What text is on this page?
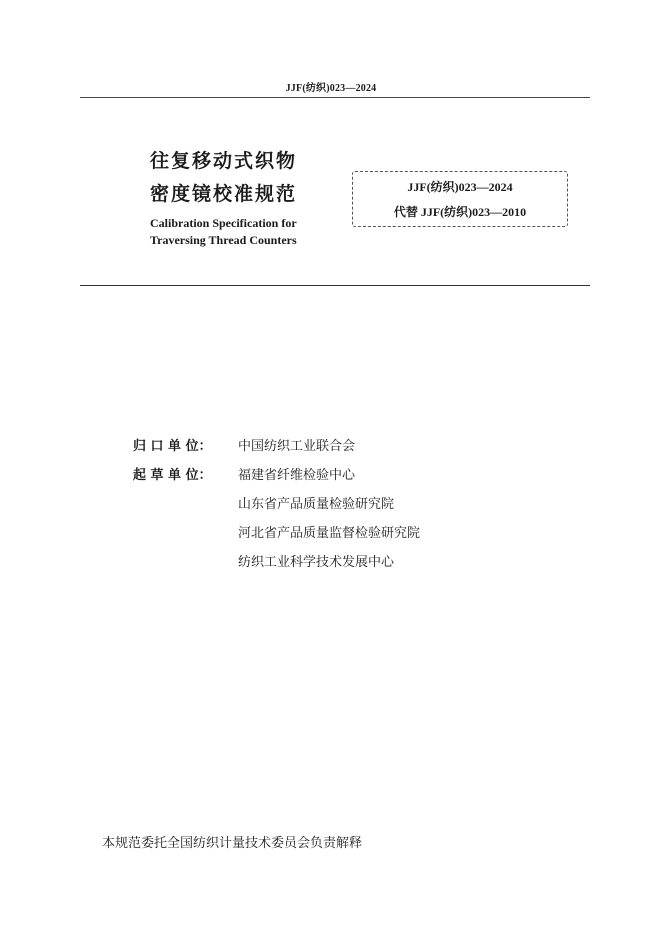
JJF(纺织)023—2024
往复移动式织物
密度镜校准规范
Calibration Specification for
Traversing Thread Counters
JJF(纺织)023—2024
代替 JJF(纺织)023—2010
归 口 单 位： 中国纺织工业联合会
起 草 单 位： 福建省纤维检验中心
山东省产品质量检验研究院
河北省产品质量监督检验研究院
纺织工业科学技术发展中心
本规范委托全国纺织计量技术委员会负责解释
